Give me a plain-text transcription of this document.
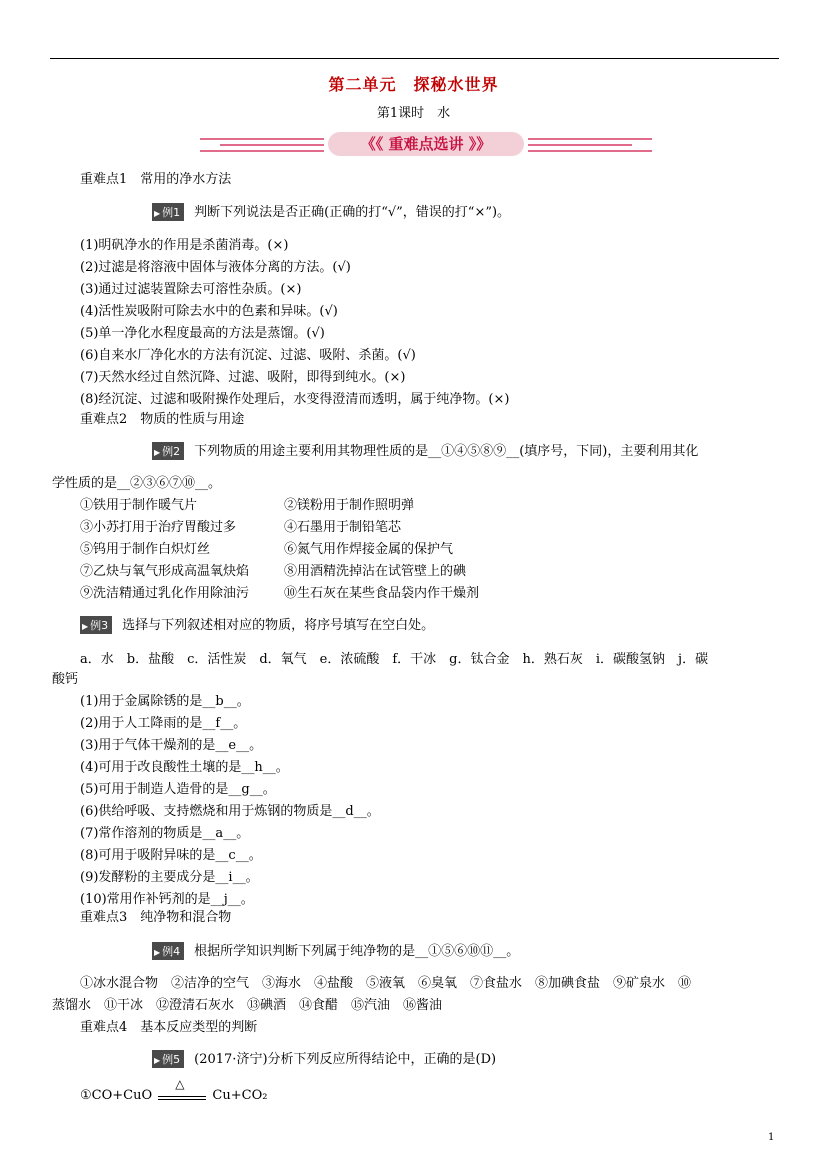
第二单元　探秘水世界
第1课时　水
《《 重难点选讲 》》
重难点1　常用的净水方法
▶ 例1 判断下列说法是否正确(正确的打“√”，错误的打“×”)。
(1)明矾净水的作用是杀菌消毒。(×)
(2)过滤是将溶液中固体与液体分离的方法。(√)
(3)通过过滤装置除去可溶性杂质。(×)
(4)活性炭吸附可除去水中的色素和异味。(√)
(5)单一净化水程度最高的方法是蒸馏。(√)
(6)自来水厂净化水的方法有沉淀、过滤、吸附、杀菌。(√)
(7)天然水经过自然沉降、过滤、吸附，即得到纯水。(×)
(8)经沉淀、过滤和吸附操作处理后，水变得澄清而透明，属于纯净物。(×)
重难点2　物质的性质与用途
▶ 例2 下列物质的用途主要利用其物理性质的是__①④⑤⑧⑨__(填序号，下同)，主要利用其化
学性质的是__②③⑥⑦⑩__。
①铁用于制作暖气片	②镁粉用于制作照明弹
③小苏打用于治疗胃酸过多	④石墨用于制铅笔芯
⑤钨用于制作白炽灯丝	⑥氮气用作焊接金属的保护气
⑦乙炔与氧气形成高温氧炔焰	⑧用酒精洗掉沾在试管壁上的碘
⑨洗洁精通过乳化作用除油污	⑩生石灰在某些食品袋内作干燥剂
▶ 例3 选择与下列叙述相对应的物质，将序号填写在空白处。
a．水　b．盐酸　c．活性炭　d．氧气　e．浓硫酸　f．干冰　g．钛合金　h．熟石灰　i．碳酸氢钠　j．碳
酸钙
(1)用于金属除锈的是__b__。
(2)用于人工降雨的是__f__。
(3)用于气体干燥剂的是__e__。
(4)可用于改良酸性土壤的是__h__。
(5)可用于制造人造骨的是__g__。
(6)供给呼吸、支持燃烧和用于炼钢的物质是__d__。
(7)常作溶剂的物质是__a__。
(8)可用于吸附异味的是__c__。
(9)发酵粉的主要成分是__i__。
(10)常用作补钙剂的是__j__。
重难点3　纯净物和混合物
▶ 例4 根据所学知识判断下列属于纯净物的是__①⑤⑥⑩⑪__。
①冰水混合物　②洁净的空气　③海水　④盐酸　⑤液氧　⑥臭氧　⑦食盐水　⑧加碘食盐　⑨矿泉水　⑩
蒸馏水　⑪干冰　⑫澄清石灰水　⑬碘酒　⑭食醋　⑮汽油　⑯酱油
重难点4　基本反应类型的判断
▶ 例5 (2017·济宁)分析下列反应所得结论中，正确的是(D)
①CO+CuO
△
Cu+CO₂
1
